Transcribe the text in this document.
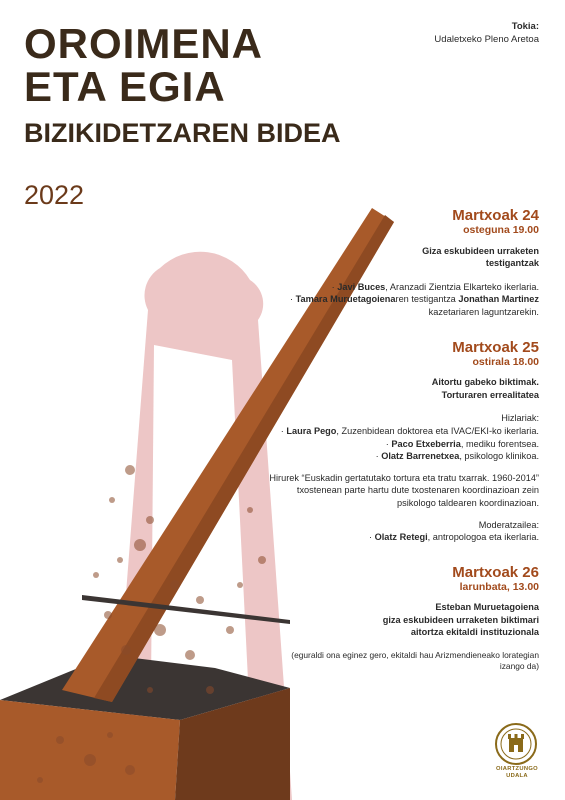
OROIMENA
ETA EGIA
BIZIKIDETZAREN BIDEA
2022
Tokia:
Udaletxeko Pleno Aretoa
Martxoak 24
osteguna 19.00
Giza eskubideen urraketen
testigantzak
· Javi Buces, Aranzadi Zientzia Elkarteko ikerlaria.
· Tamara Muruetagoienaren testigantza Jonathan Martinez kazetariaren laguntzarekin.
Martxoak 25
ostirala 18.00
Aitortu gabeko biktimak.
Torturaren errealitatea
Hizlariak:
· Laura Pego, Zuzenbidean doktorea eta IVAC/EKI-ko ikerlaria.
· Paco Etxeberria, mediku forentsea.
· Olatz Barrenetxea, psikologo klinikoa.
Hirurek “Euskadin gertatutako tortura eta tratu txarrak. 1960-2014” txostenean parte hartu dute txostenaren koordinazioan zein psikologo taldearen koordinazioan.
Moderatzailea:
· Olatz Retegi, antropologoa eta ikerlaria.
Martxoak 26
larunbata, 13.00
Esteban Muruetagoiena
giza eskubideen urraketen biktimari
aitortza ekitaldi instituzionala
(eguraldi ona eginez gero, ekitaldi hau Arizmendieneako lorategian izango da)
OIARTZUNGO
UDALA
